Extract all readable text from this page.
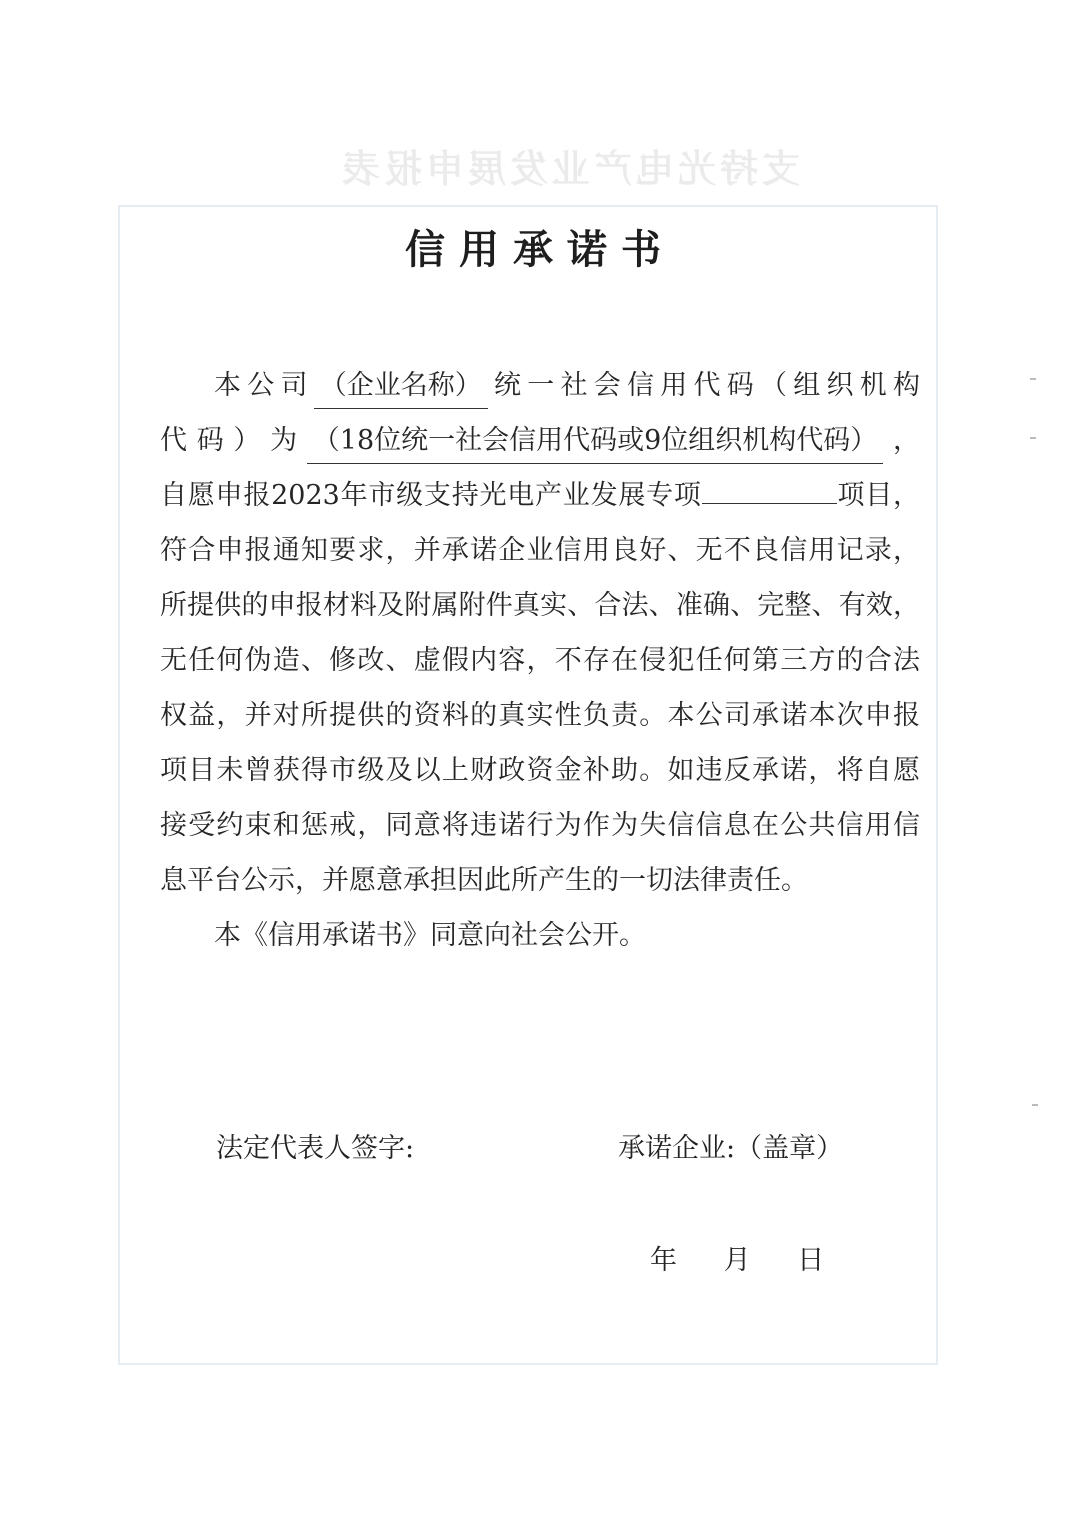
支持光电产业发展申报表
信用承诺书
本公司 （企业名称） 统一社会信用代码（组织机构
代码）为 （18位统一社会信用代码或9位组织机构代码） ，
自愿申报2023年市级支持光电产业发展专项	项目，
符合申报通知要求，并承诺企业信用良好、无不良信用记录，
所提供的申报材料及附属附件真实、合法、准确、完整、有效，
无任何伪造、修改、虚假内容，不存在侵犯任何第三方的合法
权益，并对所提供的资料的真实性负责。本公司承诺本次申报
项目未曾获得市级及以上财政资金补助。如违反承诺，将自愿
接受约束和惩戒，同意将违诺行为作为失信信息在公共信用信
息平台公示，并愿意承担因此所产生的一切法律责任。
本《信用承诺书》同意向社会公开。
法定代表人签字:	承诺企业:（盖章）
年 月 日
